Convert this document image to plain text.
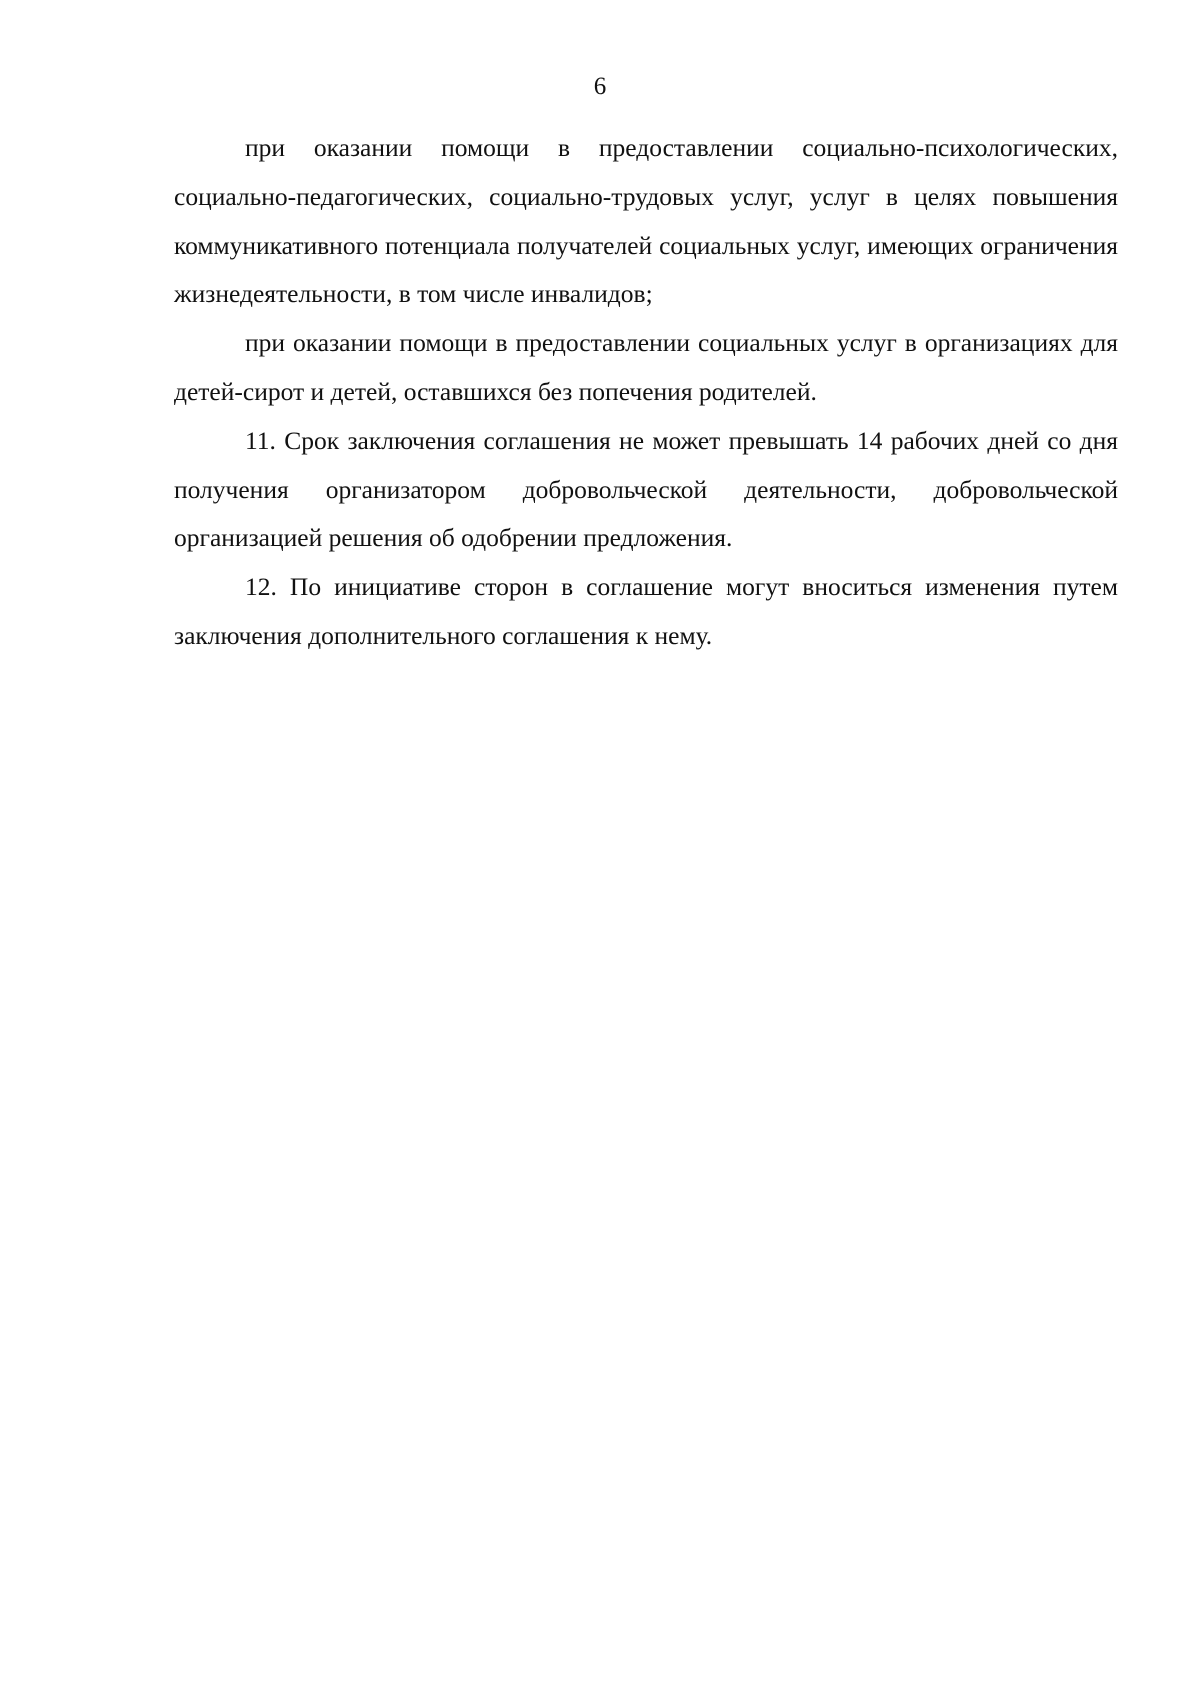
6

при оказании помощи в предоставлении социально-психологических, социально-педагогических, социально-трудовых услуг, услуг в целях повышения коммуникативного потенциала получателей социальных услуг, имеющих ограничения жизнедеятельности, в том числе инвалидов;

при оказании помощи в предоставлении социальных услуг в организациях для детей-сирот и детей, оставшихся без попечения родителей.

11. Срок заключения соглашения не может превышать 14 рабочих дней со дня получения организатором добровольческой деятельности, добровольческой организацией решения об одобрении предложения.

12. По инициативе сторон в соглашение могут вноситься изменения путем заключения дополнительного соглашения к нему.
